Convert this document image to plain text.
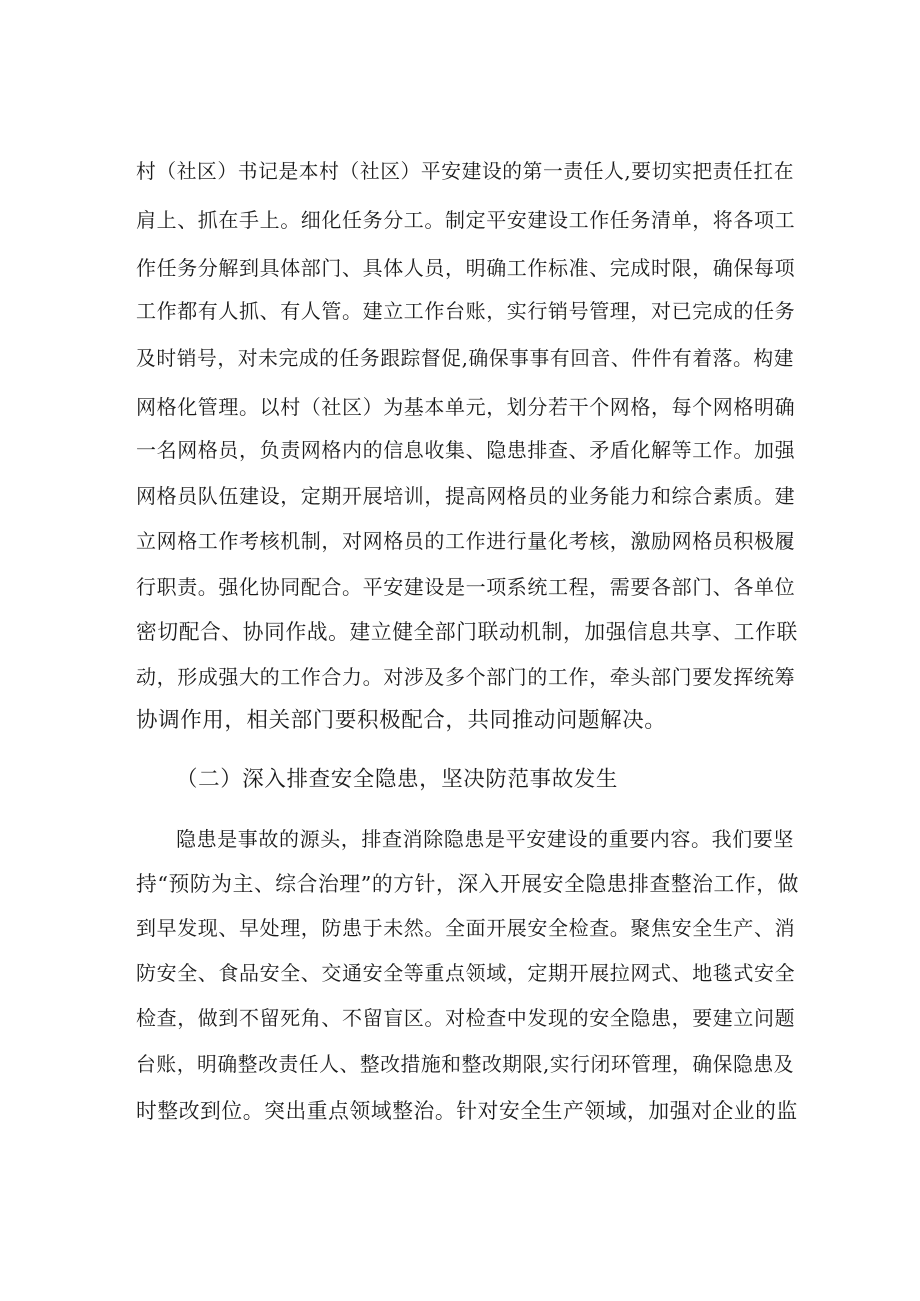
村（社区）书记是本村（社区）平安建设的第一责任人,要切实把责任扛在
肩上、抓在手上。细化任务分工。制定平安建设工作任务清单，将各项工
作任务分解到具体部门、具体人员，明确工作标准、完成时限，确保每项
工作都有人抓、有人管。建立工作台账，实行销号管理，对已完成的任务
及时销号，对未完成的任务跟踪督促,确保事事有回音、件件有着落。构建
网格化管理。以村（社区）为基本单元，划分若干个网格，每个网格明确
一名网格员，负责网格内的信息收集、隐患排查、矛盾化解等工作。加强
网格员队伍建设，定期开展培训，提高网格员的业务能力和综合素质。建
立网格工作考核机制，对网格员的工作进行量化考核，激励网格员积极履
行职责。强化协同配合。平安建设是一项系统工程，需要各部门、各单位
密切配合、协同作战。建立健全部门联动机制，加强信息共享、工作联
动，形成强大的工作合力。对涉及多个部门的工作，牵头部门要发挥统筹
协调作用，相关部门要积极配合，共同推动问题解决。
（二）深入排查安全隐患，坚决防范事故发生
隐患是事故的源头，排查消除隐患是平安建设的重要内容。我们要坚
持“预防为主、综合治理”的方针，深入开展安全隐患排查整治工作，做
到早发现、早处理，防患于未然。全面开展安全检查。聚焦安全生产、消
防安全、食品安全、交通安全等重点领域，定期开展拉网式、地毯式安全
检查，做到不留死角、不留盲区。对检查中发现的安全隐患，要建立问题
台账，明确整改责任人、整改措施和整改期限,实行闭环管理，确保隐患及
时整改到位。突出重点领域整治。针对安全生产领域，加强对企业的监
